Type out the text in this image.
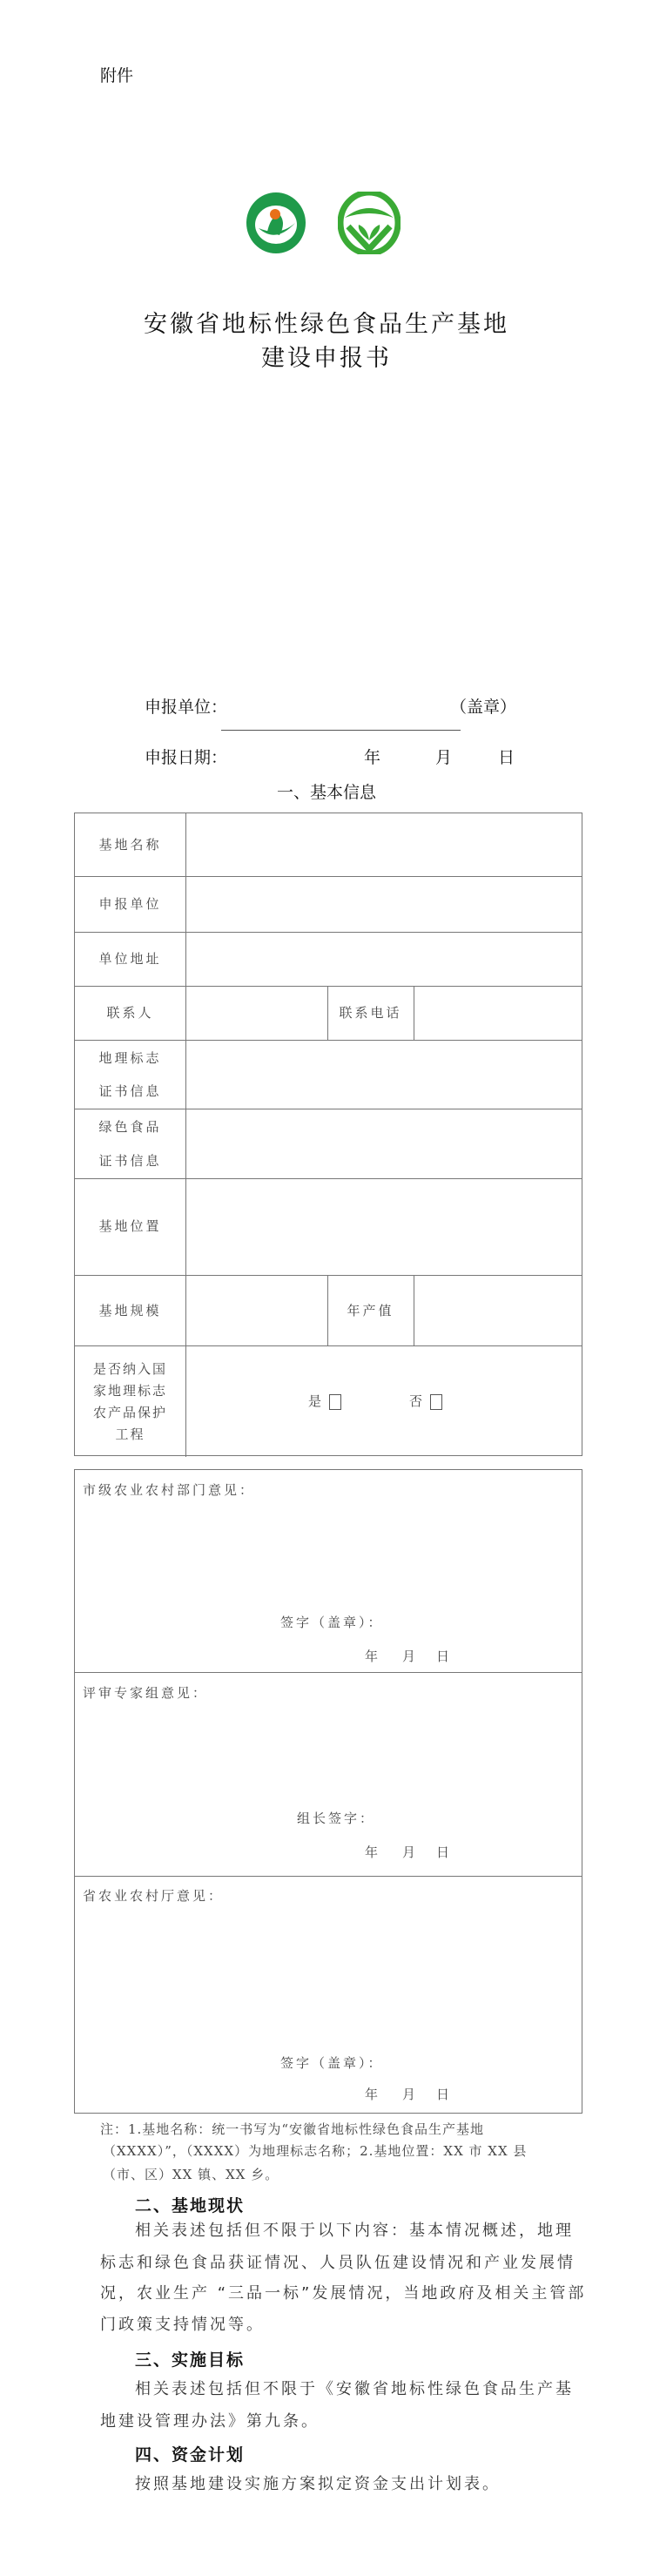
附件
安徽省地标性绿色食品生产基地
建设申报书
申报单位：	（盖章）
申报日期：	年	月	日
一、基本信息
基地名称
申报单位
单位地址
联系人	联系电话
地理标志
证书信息
绿色食品
证书信息
基地位置
基地规模	年产值
是否纳入国
家地理标志
农产品保护
工程
是	否
市级农业农村部门意见：
签字（盖章）：
年 月 日
评审专家组意见：
组长签字：
年 月 日
省农业农村厅意见：
签字（盖章）：
年 月 日
注：1.基地名称：统一书写为“安徽省地标性绿色食品生产基地
（XXXX）”，（XXXX）为地理标志名称；2.基地位置：XX 市 XX 县
（市、区）XX 镇、XX 乡。
二、基地现状
相关表述包括但不限于以下内容：基本情况概述，地理
标志和绿色食品获证情况、人员队伍建设情况和产业发展情
况，农业生产 “三品一标”发展情况，当地政府及相关主管部
门政策支持情况等。
三、实施目标
相关表述包括但不限于《安徽省地标性绿色食品生产基
地建设管理办法》第九条。
四、资金计划
按照基地建设实施方案拟定资金支出计划表。
